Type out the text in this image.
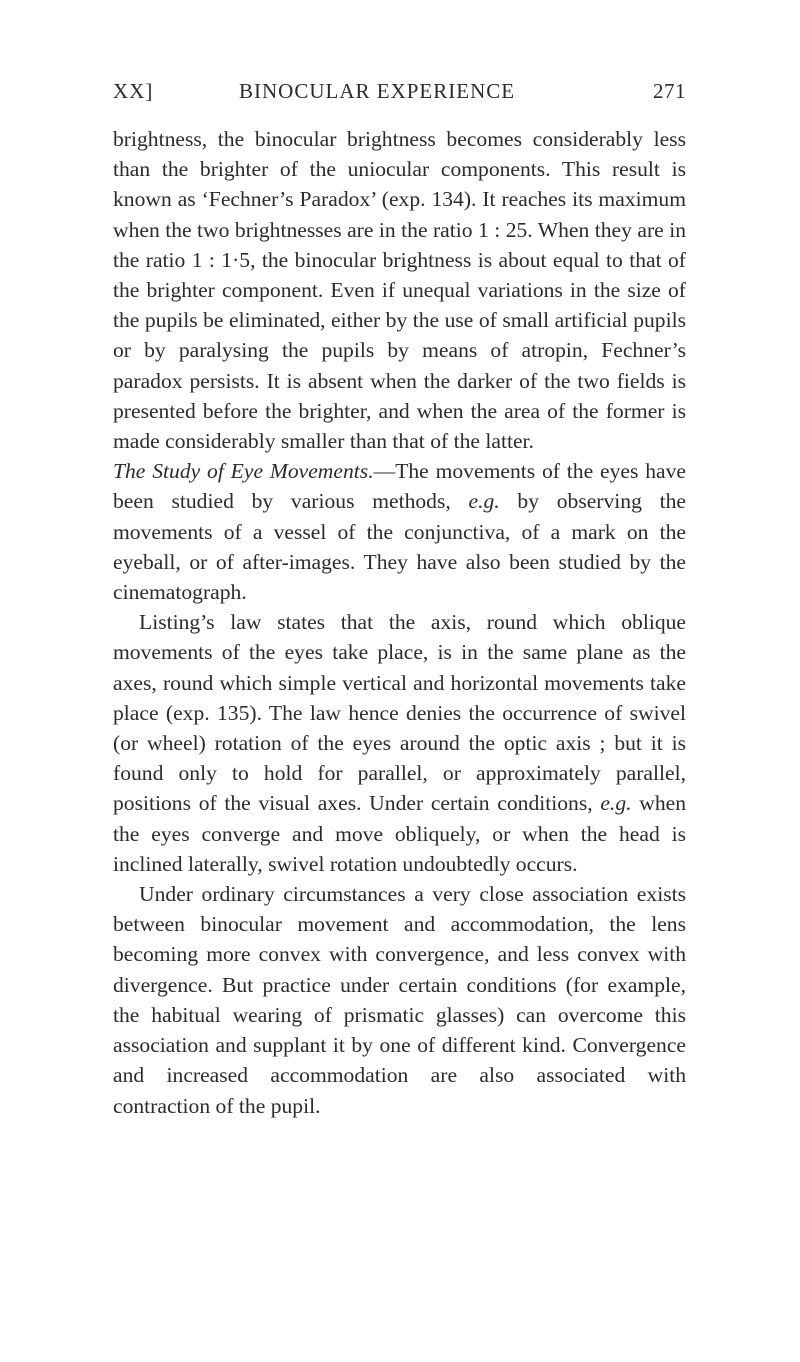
XX]	BINOCULAR EXPERIENCE	271

brightness, the binocular brightness becomes considerably less than the brighter of the uniocular components. This result is known as ‘Fechner’s Paradox’ (exp. 134). It reaches its maximum when the two brightnesses are in the ratio 1 : 25. When they are in the ratio 1 : 1·5, the binocular brightness is about equal to that of the brighter component. Even if unequal variations in the size of the pupils be eliminated, either by the use of small artificial pupils or by paralysing the pupils by means of atropin, Fechner’s paradox persists. It is absent when the darker of the two fields is presented before the brighter, and when the area of the former is made considerably smaller than that of the latter.

The Study of Eye Movements.—The movements of the eyes have been studied by various methods, e.g. by observing the movements of a vessel of the conjunctiva, of a mark on the eyeball, or of after-images. They have also been studied by the cinematograph.

Listing’s law states that the axis, round which oblique movements of the eyes take place, is in the same plane as the axes, round which simple vertical and horizontal movements take place (exp. 135). The law hence denies the occurrence of swivel (or wheel) rotation of the eyes around the optic axis ; but it is found only to hold for parallel, or approximately parallel, positions of the visual axes. Under certain conditions, e.g. when the eyes converge and move obliquely, or when the head is inclined laterally, swivel rotation undoubtedly occurs.

Under ordinary circumstances a very close association exists between binocular movement and accommodation, the lens becoming more convex with convergence, and less convex with divergence. But practice under certain conditions (for example, the habitual wearing of prismatic glasses) can overcome this association and supplant it by one of different kind. Convergence and increased accommodation are also associated with contraction of the pupil.
